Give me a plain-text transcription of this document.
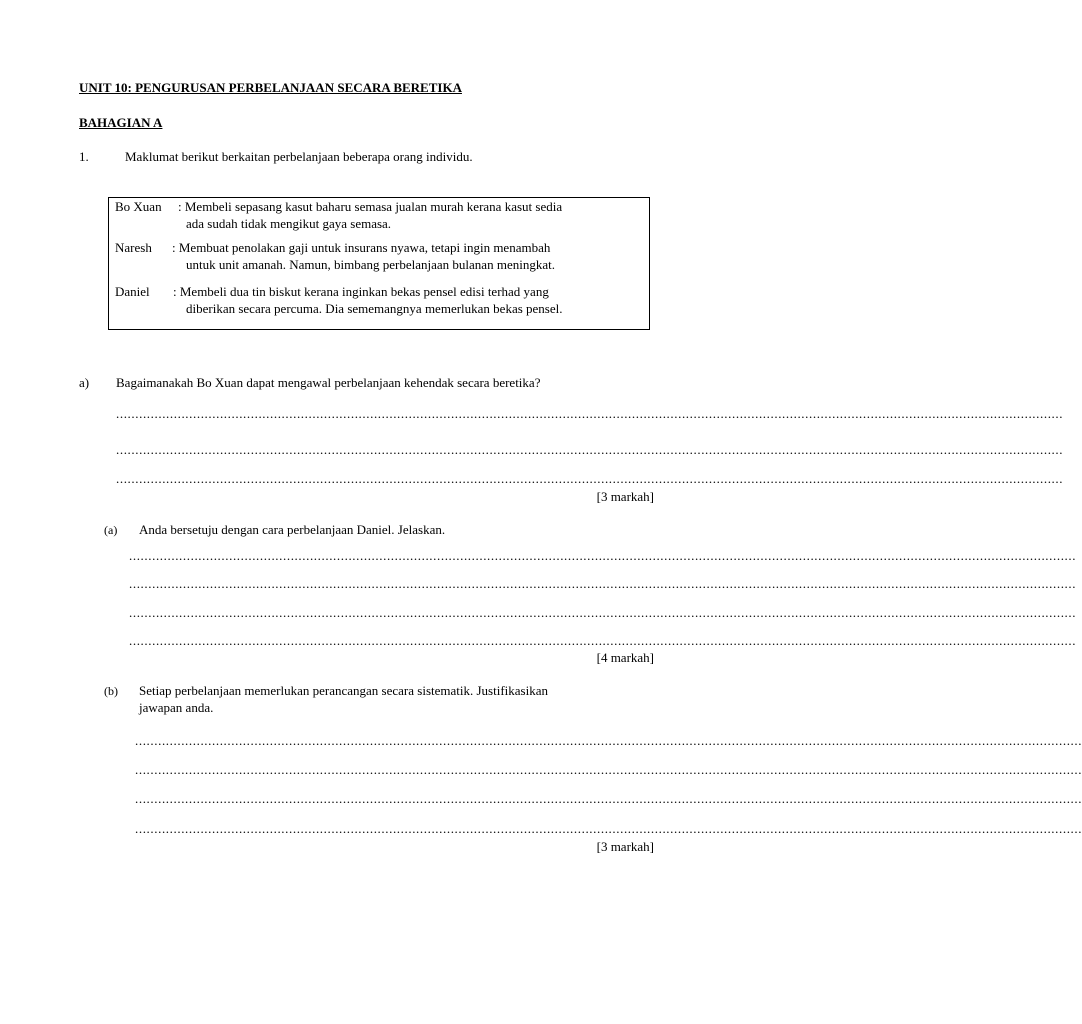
UNIT 10: PENGURUSAN PERBELANJAAN SECARA BERETIKA
BAHAGIAN A
1.	Maklumat berikut berkaitan perbelanjaan beberapa orang individu.
Bo Xuan : Membeli sepasang kasut baharu semasa jualan murah kerana kasut sedia
ada sudah tidak mengikut gaya semasa.
Naresh : Membuat penolakan gaji untuk insurans nyawa, tetapi ingin menambah
untuk unit amanah. Namun, bimbang perbelanjaan bulanan meningkat.
Daniel : Membeli dua tin biskut kerana inginkan bekas pensel edisi terhad yang
diberikan secara percuma. Dia sememangnya memerlukan bekas pensel.
a) Bagaimanakah Bo Xuan dapat mengawal perbelanjaan kehendak secara beretika?
......................................................................................................................................................................................................................................................
......................................................................................................................................................................................................................................................
......................................................................................................................................................................................................................................................
[3 markah]
(a) Anda bersetuju dengan cara perbelanjaan Daniel. Jelaskan.
......................................................................................................................................................................................................................................................
......................................................................................................................................................................................................................................................
......................................................................................................................................................................................................................................................
......................................................................................................................................................................................................................................................
[4 markah]
(b) Setiap perbelanjaan memerlukan perancangan secara sistematik. Justifikasikan
jawapan anda.
......................................................................................................................................................................................................................................................
......................................................................................................................................................................................................................................................
......................................................................................................................................................................................................................................................
......................................................................................................................................................................................................................................................
[3 markah]
